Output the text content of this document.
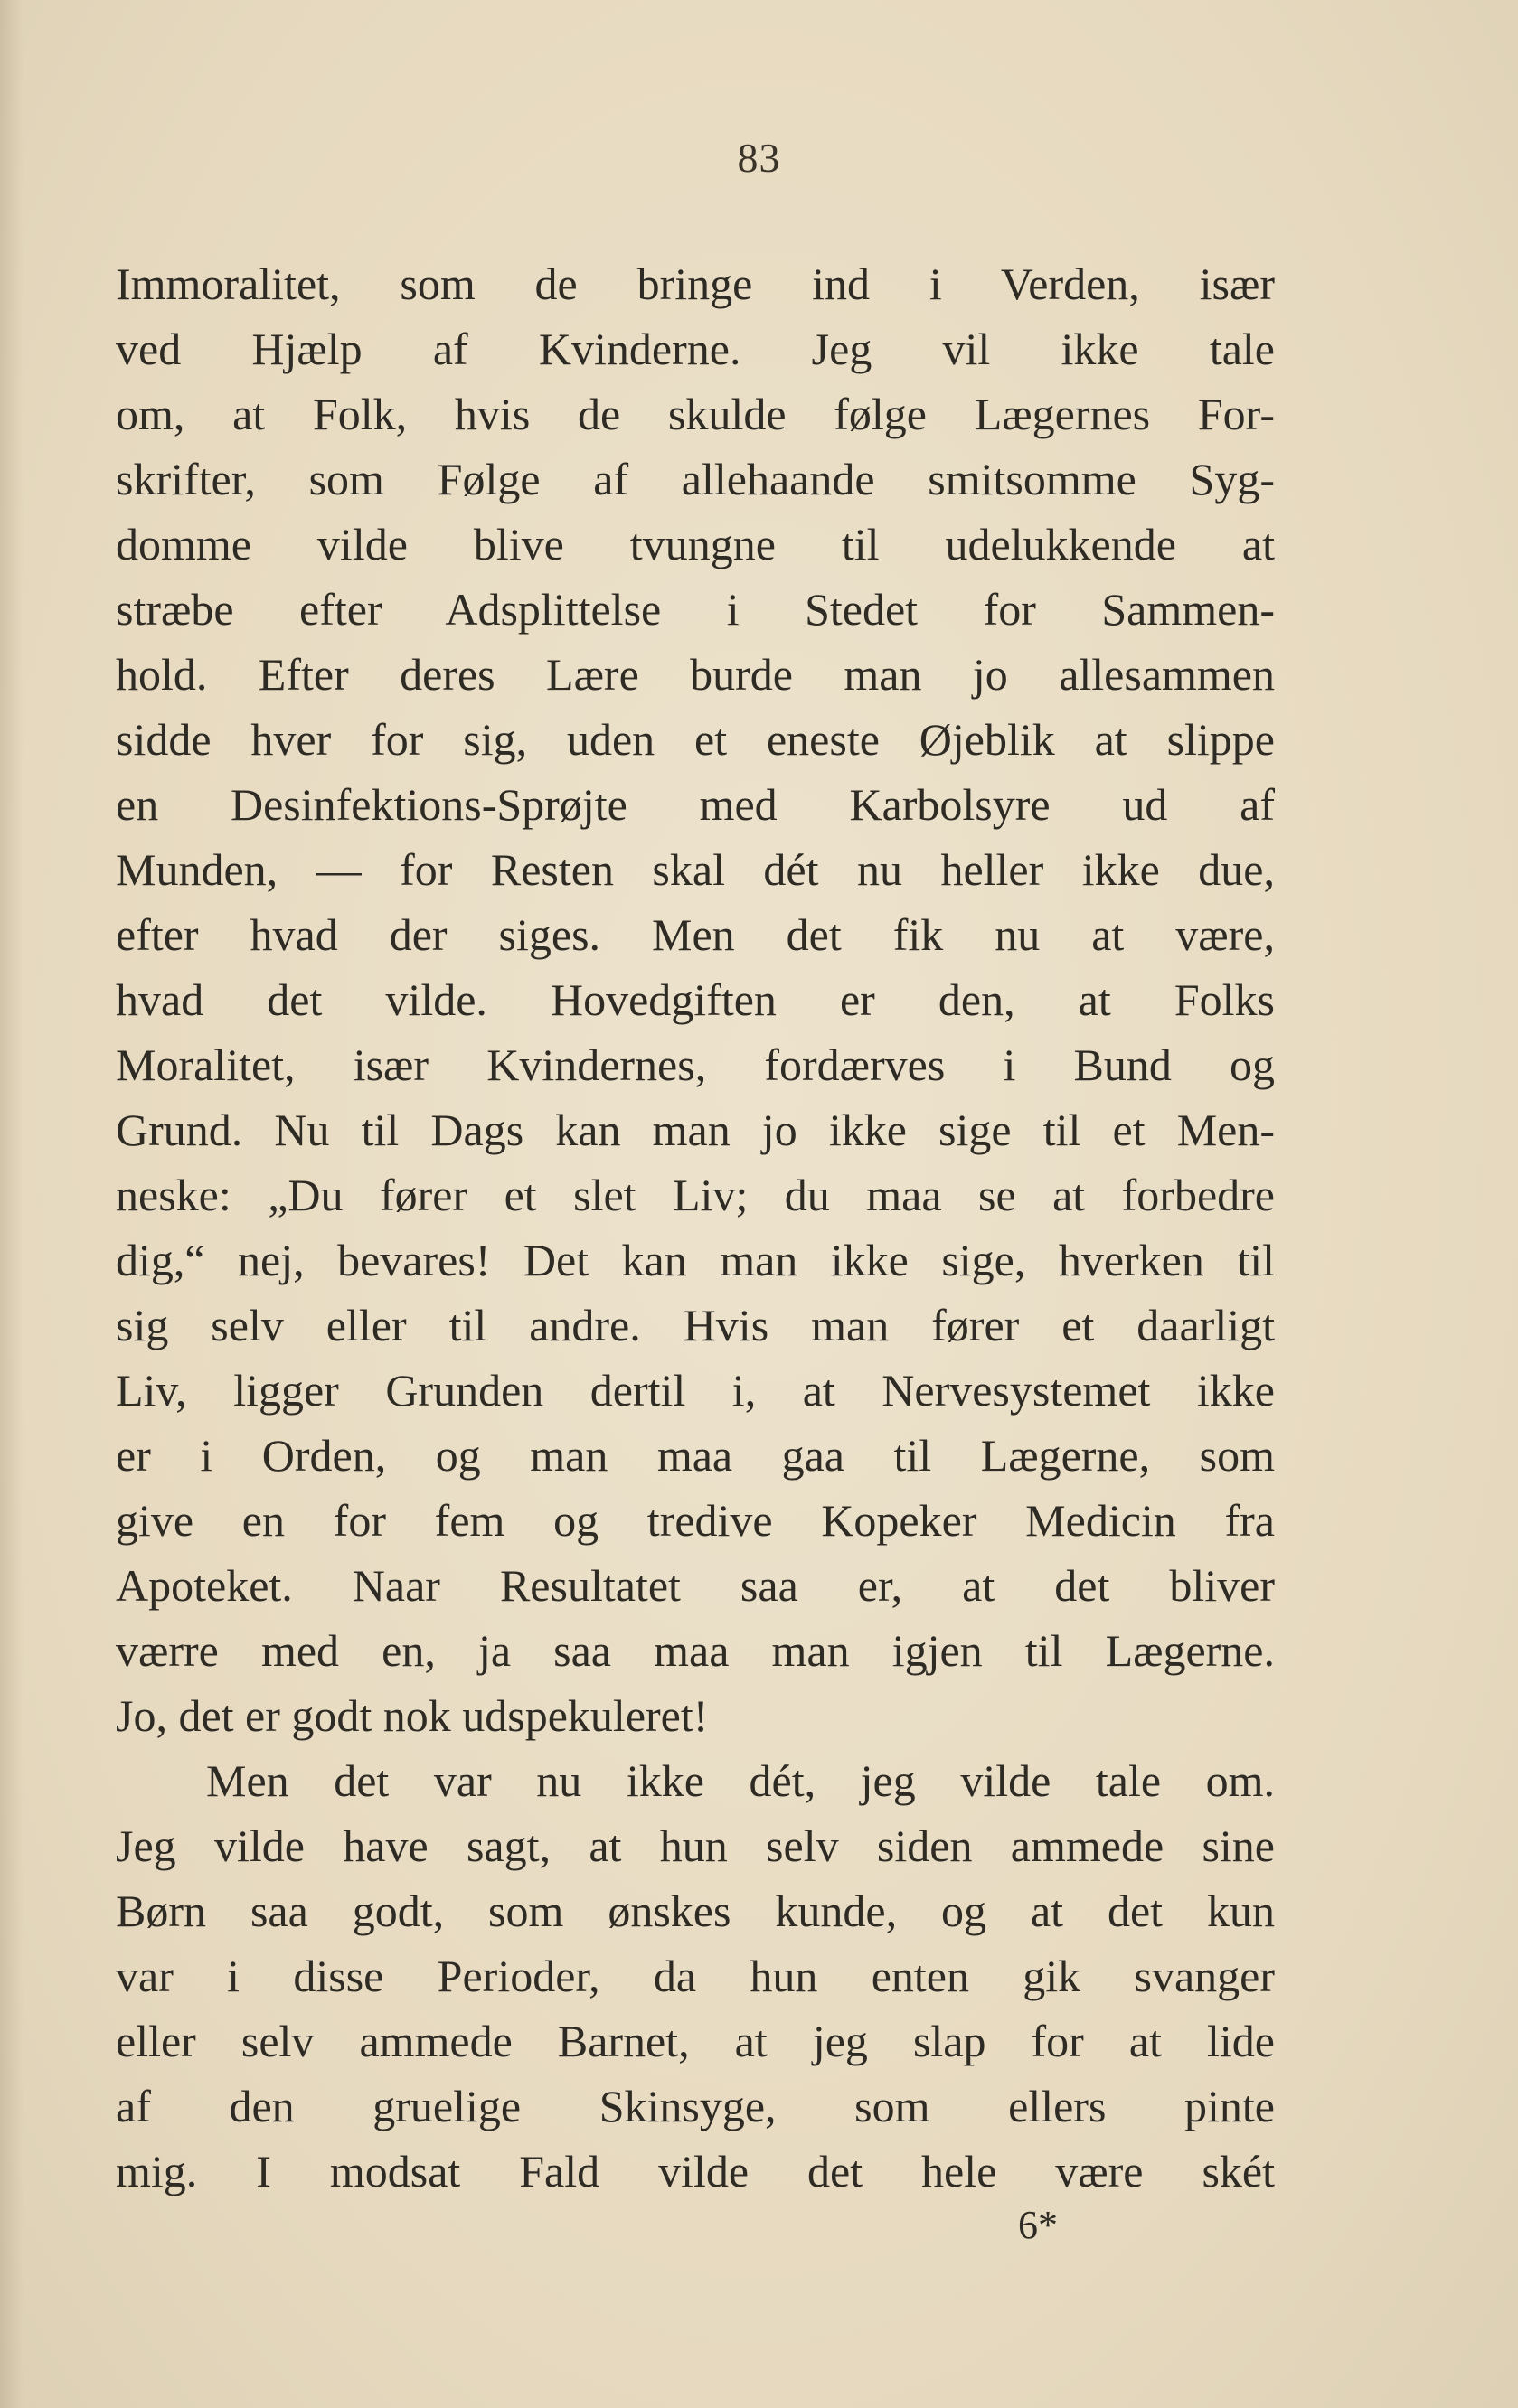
83
Immoralitet, som de bringe ind i Verden, især
ved Hjælp af Kvinderne. Jeg vil ikke tale
om, at Folk, hvis de skulde følge Lægernes For-
skrifter, som Følge af allehaande smitsomme Syg-
domme vilde blive tvungne til udelukkende at
stræbe efter Adsplittelse i Stedet for Sammen-
hold. Efter deres Lære burde man jo allesammen
sidde hver for sig, uden et eneste Øjeblik at slippe
en Desinfektions-Sprøjte med Karbolsyre ud af
Munden, — for Resten skal dét nu heller ikke due,
efter hvad der siges. Men det fik nu at være,
hvad det vilde. Hovedgiften er den, at Folks
Moralitet, især Kvindernes, fordærves i Bund og
Grund. Nu til Dags kan man jo ikke sige til et Men-
neske: „Du fører et slet Liv; du maa se at forbedre
dig,“ nej, bevares! Det kan man ikke sige, hverken til
sig selv eller til andre. Hvis man fører et daarligt
Liv, ligger Grunden dertil i, at Nervesystemet ikke
er i Orden, og man maa gaa til Lægerne, som
give en for fem og tredive Kopeker Medicin fra
Apoteket. Naar Resultatet saa er, at det bliver
værre med en, ja saa maa man igjen til Lægerne.
Jo, det er godt nok udspekuleret!
Men det var nu ikke dét, jeg vilde tale om.
Jeg vilde have sagt, at hun selv siden ammede sine
Børn saa godt, som ønskes kunde, og at det kun
var i disse Perioder, da hun enten gik svanger
eller selv ammede Barnet, at jeg slap for at lide
af den gruelige Skinsyge, som ellers pinte
mig. I modsat Fald vilde det hele være skét
6*
